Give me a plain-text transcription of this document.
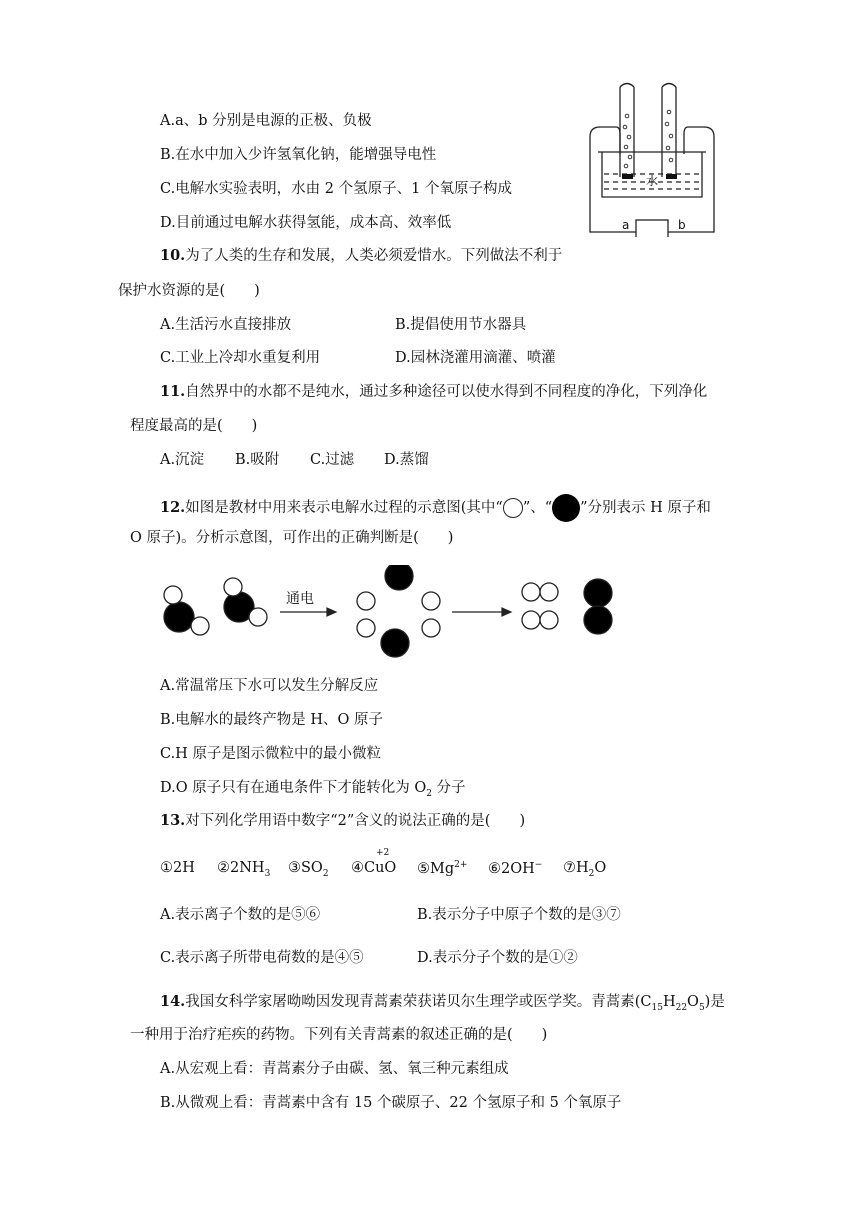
A.a、b 分别是电源的正极、负极
B.在水中加入少许氢氧化钠，能增强导电性
C.电解水实验表明，水由 2 个氢原子、1 个氧原子构成
D.目前通过电解水获得氢能，成本高、效率低
水
a	b
10.为了人类的生存和发展，人类必须爱惜水。下列做法不利于
保护水资源的是(　　)
A.生活污水直接排放	B.提倡使用节水器具
C.工业上冷却水重复利用	D.园林浇灌用滴灌、喷灌
11.自然界中的水都不是纯水，通过多种途径可以使水得到不同程度的净化，下列净化
程度最高的是(　　)
A.沉淀 B.吸附 C.过滤 D.蒸馏
12.如图是教材中用来表示电解水过程的示意图(其中“ ”、“ ”分别表示 H 原子和
O 原子)。分析示意图，可作出的正确判断是(　　)
通电
A.常温常压下水可以发生分解反应
B.电解水的最终产物是 H、O 原子
C.H 原子是图示微粒中的最小微粒
D.O 原子只有在通电条件下才能转化为 $O_2$ 分子
13.对下列化学用语中数字“2”含义的说法正确的是(　　)
①2H $②2NH_3$ $③SO_2$ ④
+2
CuO $⑤Mg^{2+}$ ⑥2OH− $⑦H_2O$
A.表示离子个数的是⑤⑥	B.表示分子中原子个数的是③⑦
C.表示离子所带电荷数的是④⑤	D.表示分子个数的是①②
14.我国女科学家屠呦呦因发现青蒿素荣获诺贝尔生理学或医学奖。青蒿素$(C_{15}H_{22}O_5)$是
一种用于治疗疟疾的药物。下列有关青蒿素的叙述正确的是(　　)
A.从宏观上看：青蒿素分子由碳、氢、氧三种元素组成
B.从微观上看：青蒿素中含有 15 个碳原子、22 个氢原子和 5 个氧原子
